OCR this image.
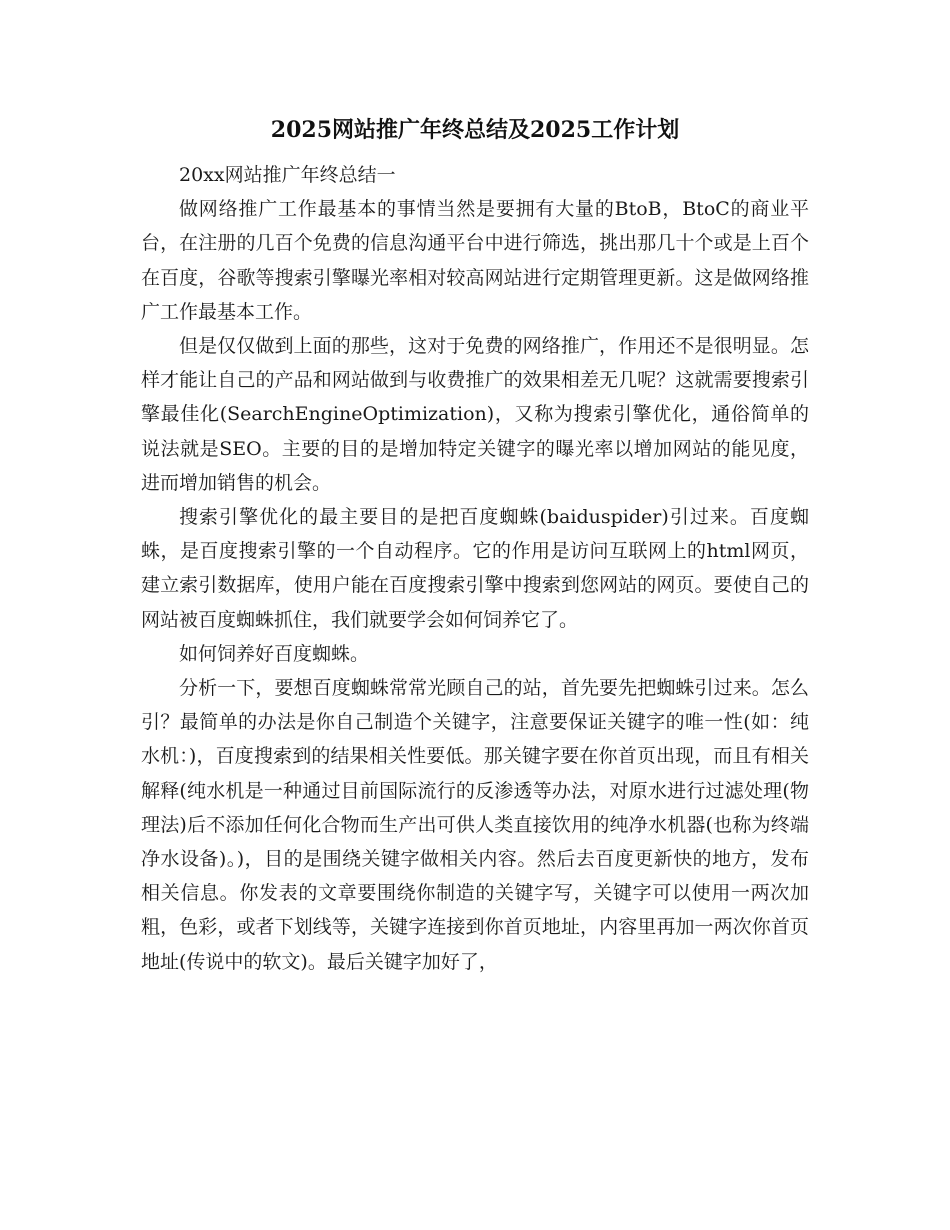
2025网站推广年终总结及2025工作计划

20xx网站推广年终总结一

做网络推广工作最基本的事情当然是要拥有大量的BtoB，BtoC的商业平台，在注册的几百个免费的信息沟通平台中进行筛选，挑出那几十个或是上百个在百度，谷歌等搜索引擎曝光率相对较高网站进行定期管理更新。这是做网络推广工作最基本工作。

但是仅仅做到上面的那些，这对于免费的网络推广，作用还不是很明显。怎样才能让自己的产品和网站做到与收费推广的效果相差无几呢？这就需要搜索引擎最佳化(SearchEngineOptimization)，又称为搜索引擎优化，通俗简单的说法就是SEO。主要的目的是增加特定关键字的曝光率以增加网站的能见度，进而增加销售的机会。

搜索引擎优化的最主要目的是把百度蜘蛛(baiduspider)引过来。百度蜘蛛，是百度搜索引擎的一个自动程序。它的作用是访问互联网上的html网页，建立索引数据库，使用户能在百度搜索引擎中搜索到您网站的网页。要使自己的网站被百度蜘蛛抓住，我们就要学会如何饲养它了。

如何饲养好百度蜘蛛。

分析一下，要想百度蜘蛛常常光顾自己的站，首先要先把蜘蛛引过来。怎么引？最简单的办法是你自己制造个关键字，注意要保证关键字的唯一性(如：纯水机：)，百度搜索到的结果相关性要低。那关键字要在你首页出现，而且有相关解释(纯水机是一种通过目前国际流行的反渗透等办法，对原水进行过滤处理(物理法)后不添加任何化合物而生产出可供人类直接饮用的纯净水机器(也称为终端净水设备)。)，目的是围绕关键字做相关内容。然后去百度更新快的地方，发布相关信息。你发表的文章要围绕你制造的关键字写，关键字可以使用一两次加粗，色彩，或者下划线等，关键字连接到你首页地址，内容里再加一两次你首页地址(传说中的软文)。最后关键字加好了，
